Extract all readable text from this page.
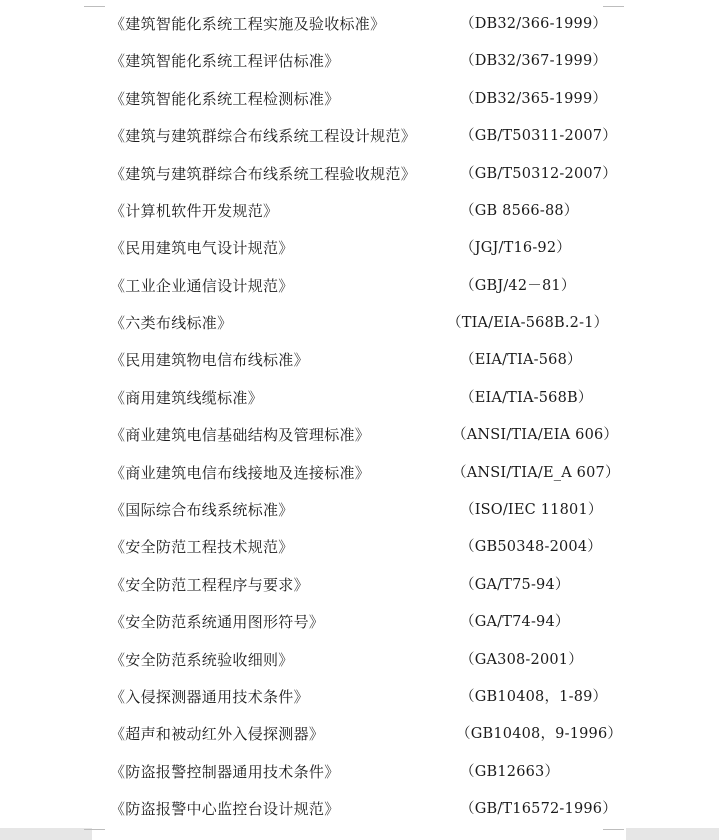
《建筑智能化系统工程实施及验收标准》	（DB32/366-1999）
《建筑智能化系统工程评估标准》	（DB32/367-1999）
《建筑智能化系统工程检测标准》	（DB32/365-1999）
《建筑与建筑群综合布线系统工程设计规范》	（GB/T50311-2007）
《建筑与建筑群综合布线系统工程验收规范》	（GB/T50312-2007）
《计算机软件开发规范》	（GB 8566-88）
《民用建筑电气设计规范》	（JGJ/T16-92）
《工业企业通信设计规范》	（GBJ/42－81）
《六类布线标准》	（TIA/EIA-568B.2-1）
《民用建筑物电信布线标准》	（EIA/TIA-568）
《商用建筑线缆标准》	（EIA/TIA-568B）
《商业建筑电信基础结构及管理标准》	（ANSI/TIA/EIA 606）
《商业建筑电信布线接地及连接标准》	（ANSI/TIA/E_A 607）
《国际综合布线系统标准》	（ISO/IEC 11801）
《安全防范工程技术规范》	（GB50348-2004）
《安全防范工程程序与要求》	（GA/T75-94）
《安全防范系统通用图形符号》	（GA/T74-94）
《安全防范系统验收细则》	（GA308-2001）
《入侵探测器通用技术条件》	（GB10408，1-89）
《超声和被动红外入侵探测器》	（GB10408，9-1996）
《防盗报警控制器通用技术条件》	（GB12663）
《防盗报警中心监控台设计规范》	（GB/T16572-1996）
